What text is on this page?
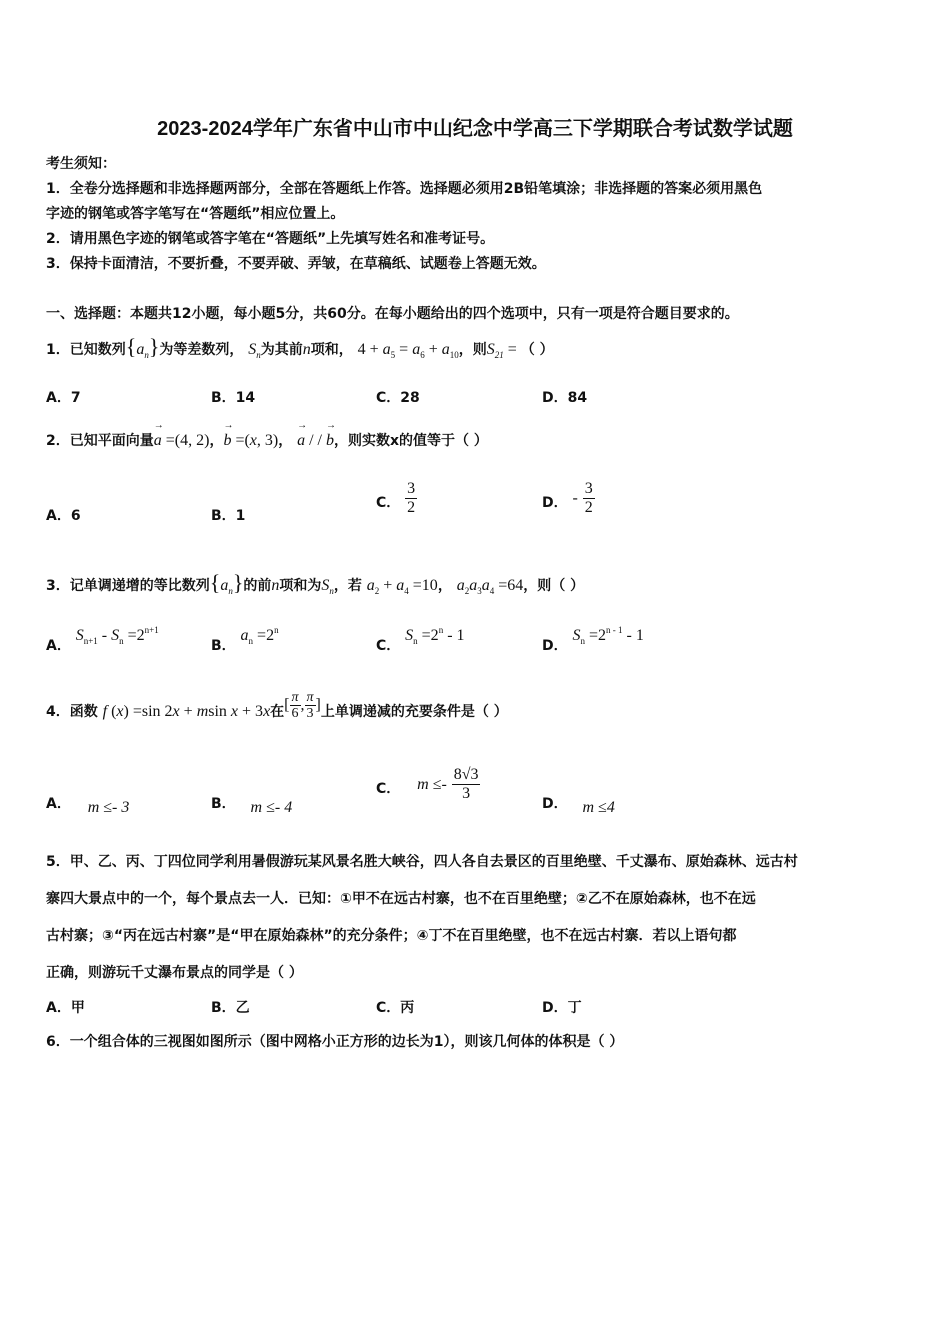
2023-2024学年广东省中山市中山纪念中学高三下学期联合考试数学试题
考生须知：
1．全卷分选择题和非选择题两部分，全部在答题纸上作答。选择题必须用2B铅笔填涂；非选择题的答案必须用黑色
字迹的钢笔或答字笔写在“答题纸”相应位置上。
2．请用黑色字迹的钢笔或答字笔在“答题纸”上先填写姓名和准考证号。
3．保持卡面清洁，不要折叠，不要弄破、弄皱，在草稿纸、试题卷上答题无效。
一、选择题：本题共12小题，每小题5分，共60分。在每小题给出的四个选项中，只有一项是符合题目要求的。
1．已知数列$\{a_n\}$为等差数列， $S_n$为其前n项和， $4 + a_5 = a_6 + a_{10}$，则$S_{21}$ = （ ）
A．7	B．14	C．28	D．84
2．已知平面向量→ a =(4, 2)，→ b =(x, 3)， → a / / → b，则实数x的值等于（ ）
A．6	B．1
C． $\frac{3}{2}$	D． - $\frac{3}{2}$
3．记单调递增的等比数列$\{a_n\}$的前n项和为$S_n$，若 $a_2 + a_4 =10$， $a_2a_3a_4 =64$，则（ ）
A． $S_{n+1} - S_n =2^{n+1}$
B． $a_n =2^n$
C． $S_n =2^n - 1$
D． $S_n =2^{n - 1} - 1$
4．函数 f (x) =sin 2x + msin x + 3x在[ $\frac{\pi}{6}$ , $\frac{\pi}{3}$ ]上单调递减的充要条件是（ ）
A． m ≤- 3	B． m ≤- 4
C． $m \le- \frac{8√3}{3}$
D． m ≤4
5．甲、乙、丙、丁四位同学利用暑假游玩某风景名胜大峡谷，四人各自去景区的百里绝壁、千丈瀑布、原始森林、远古村
寨四大景点中的一个，每个景点去一人．已知：①甲不在远古村寨，也不在百里绝壁；②乙不在原始森林，也不在远
古村寨；③“丙在远古村寨”是“甲在原始森林”的充分条件；④丁不在百里绝壁，也不在远古村寨．若以上语句都
正确，则游玩千丈瀑布景点的同学是（ ）
A．甲	B．乙	C．丙	D．丁
6．一个组合体的三视图如图所示（图中网格小正方形的边长为1），则该几何体的体积是（ ）
